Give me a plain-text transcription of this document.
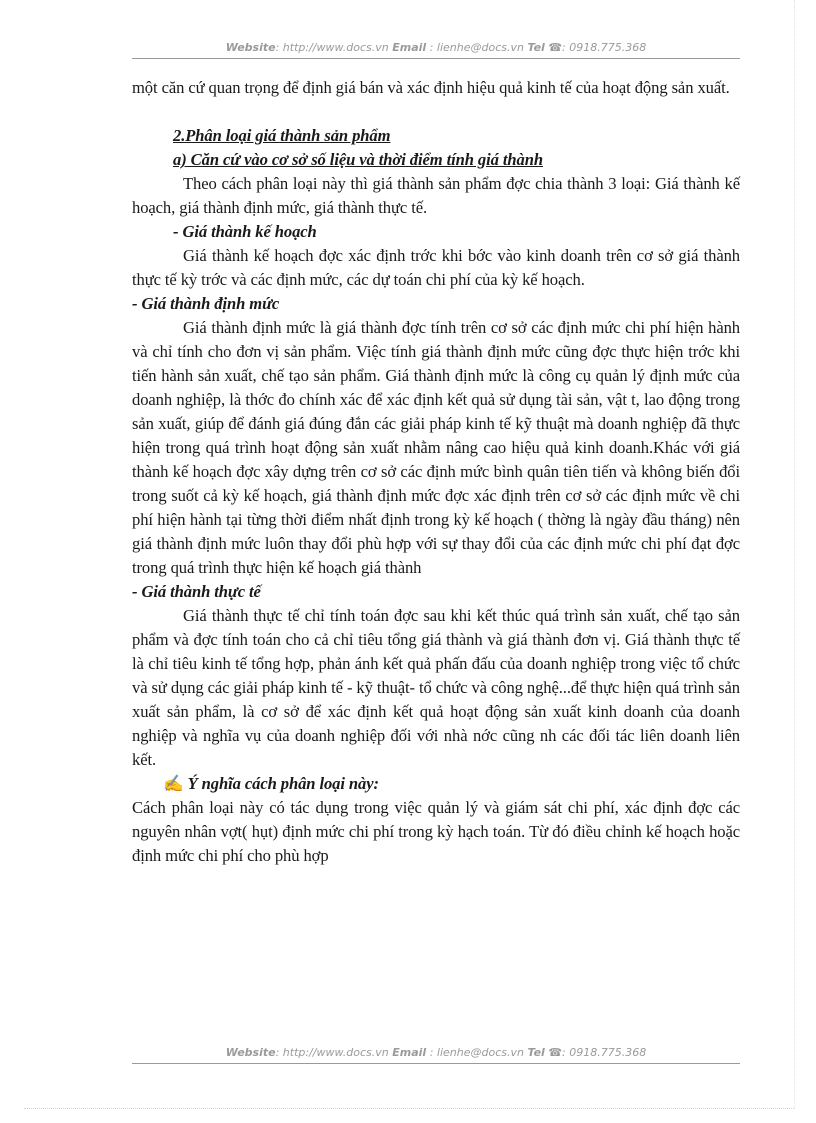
Website: http://www.docs.vn Email : lienhe@docs.vn Tel ☎: 0918.775.368

một căn cứ quan trọng để định giá bán và xác định hiệu quả kinh tế của hoạt động sản xuất.

2.Phân loại giá thành sản phẩm

a) Căn cứ vào cơ sở số liệu và thời điểm tính giá thành

Theo cách phân loại này thì giá thành sản phẩm đợc chia thành 3 loại: Giá thành kế hoạch, giá thành định mức, giá thành thực tế.

- Giá thành kế hoạch

Giá thành kế hoạch đợc xác định trớc khi bớc vào kinh doanh trên cơ sở giá thành thực tế kỳ trớc và các định mức, các dự toán chi phí của kỳ kế hoạch.

- Giá thành định mức

Giá thành định mức là giá thành đợc tính trên cơ sở các định mức chi phí hiện hành và chỉ tính cho đơn vị sản phẩm. Việc tính giá thành định mức cũng đợc thực hiện trớc khi tiến hành sản xuất, chế tạo sản phẩm. Giá thành định mức là công cụ quản lý định mức của doanh nghiệp, là thớc đo chính xác để xác định kết quả sử dụng tài sản, vật t, lao động trong sản xuất, giúp để đánh giá đúng đắn các giải pháp kinh tế kỹ thuật mà doanh nghiệp đã thực hiện trong quá trình hoạt động sản xuất nhằm nâng cao hiệu quả kinh doanh.Khác với giá thành kế hoạch đợc xây dựng trên cơ sở các định mức bình quân tiên tiến và không biến đổi trong suốt cả kỳ kế hoạch, giá thành định mức đợc xác định trên cơ sở các định mức về chi phí hiện hành tại từng thời điểm nhất định trong kỳ kế hoạch ( thờng là ngày đầu tháng) nên giá thành định mức luôn thay đổi phù hợp với sự thay đổi của các định mức chi phí đạt đợc trong quá trình thực hiện kế hoạch giá thành

- Giá thành thực tế

Giá thành thực tế chỉ tính toán đợc sau khi kết thúc quá trình sản xuất, chế tạo sản phẩm và đợc tính toán cho cả chỉ tiêu tổng giá thành và giá thành đơn vị. Giá thành thực tế là chỉ tiêu kinh tế tổng hợp, phản ánh kết quả phấn đấu của doanh nghiệp trong việc tổ chức và sử dụng các giải pháp kinh tế - kỹ thuật- tổ chức và công nghệ...để thực hiện quá trình sản xuất sản phẩm, là cơ sở để xác định kết quả hoạt động sản xuất kinh doanh của doanh nghiệp và nghĩa vụ của doanh nghiệp đối với nhà nớc cũng nh các đối tác liên doanh liên kết.

✍ Ý nghĩa cách phân loại này:

Cách phân loại này có tác dụng trong việc quản lý và giám sát chi phí, xác định đợc các nguyên nhân vợt( hụt) định mức chi phí trong kỳ hạch toán. Từ đó điều chỉnh kế hoạch hoặc định mức chi phí cho phù hợp

Website: http://www.docs.vn Email : lienhe@docs.vn Tel ☎: 0918.775.368
